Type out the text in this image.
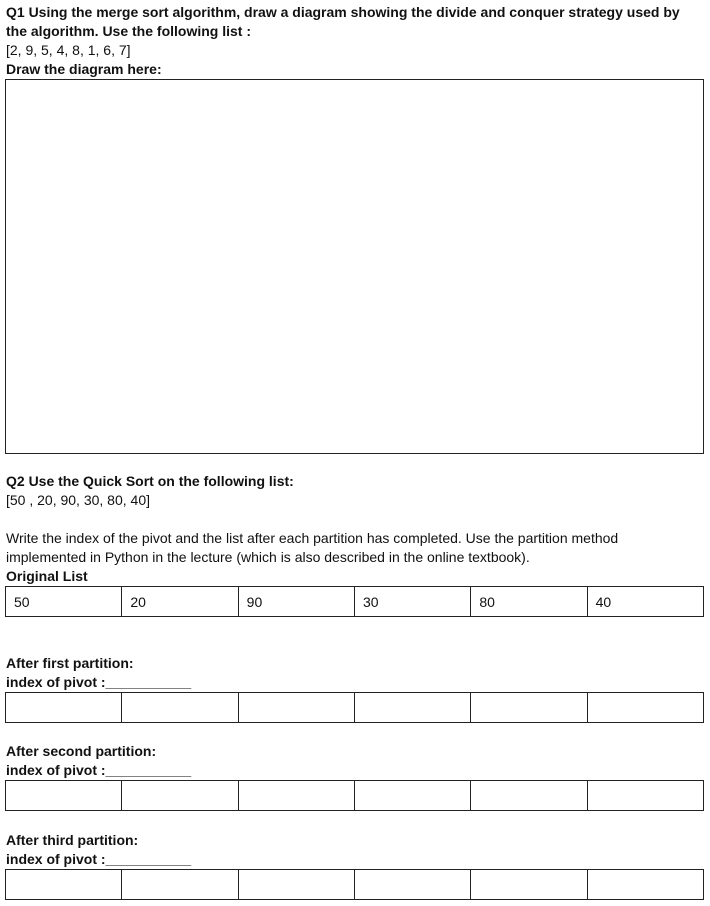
Q1 Using the merge sort algorithm, draw a diagram showing the divide and conquer strategy used by
the algorithm. Use the following list :
[2, 9, 5, 4, 8, 1, 6, 7]
Draw the diagram here:
Q2 Use the Quick Sort on the following list:
[50 , 20, 90, 30, 80, 40]
Write the index of the pivot and the list after each partition has completed. Use the partition method
implemented in Python in the lecture (which is also described in the online textbook).
Original List
50	20	90	30	80	40
After first partition:
index of pivot :___________

After second partition:
index of pivot :___________

After third partition:
index of pivot :___________
